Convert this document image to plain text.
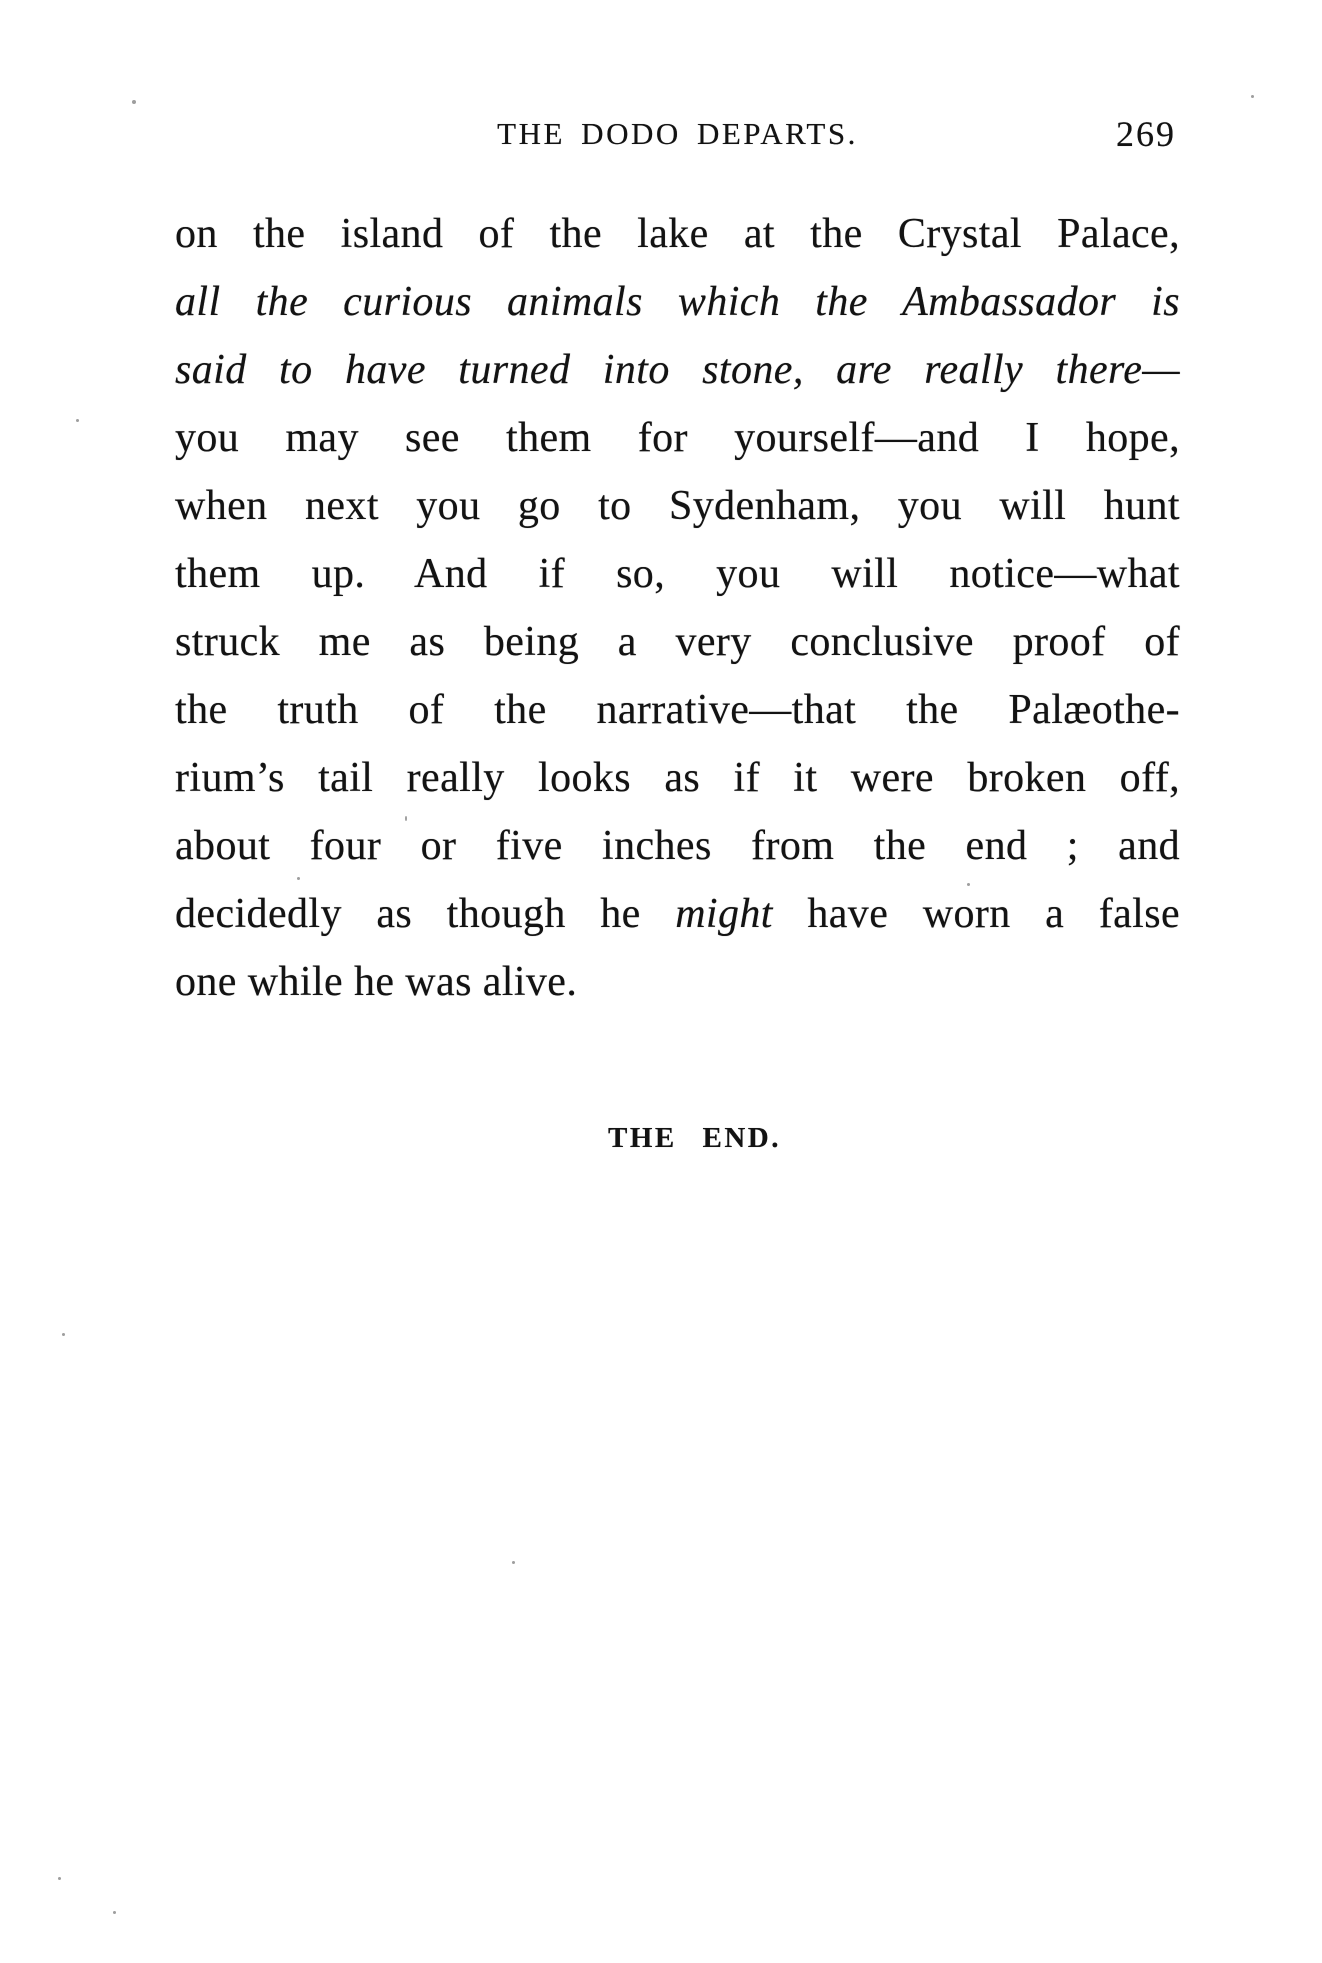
THE DODO DEPARTS.	269
on the island of the lake at the Crystal Palace,
all the curious animals which the Ambassador is
said to have turned into stone, are really there—
you may see them for yourself—and I hope,
when next you go to Sydenham, you will hunt
them up. And if so, you will notice—what
struck me as being a very conclusive proof of
the truth of the narrative—that the Palæothe-
rium’s tail really looks as if it were broken off,
about four or five inches from the end ; and
decidedly as though he might have worn a false
one while he was alive.
THE END.
